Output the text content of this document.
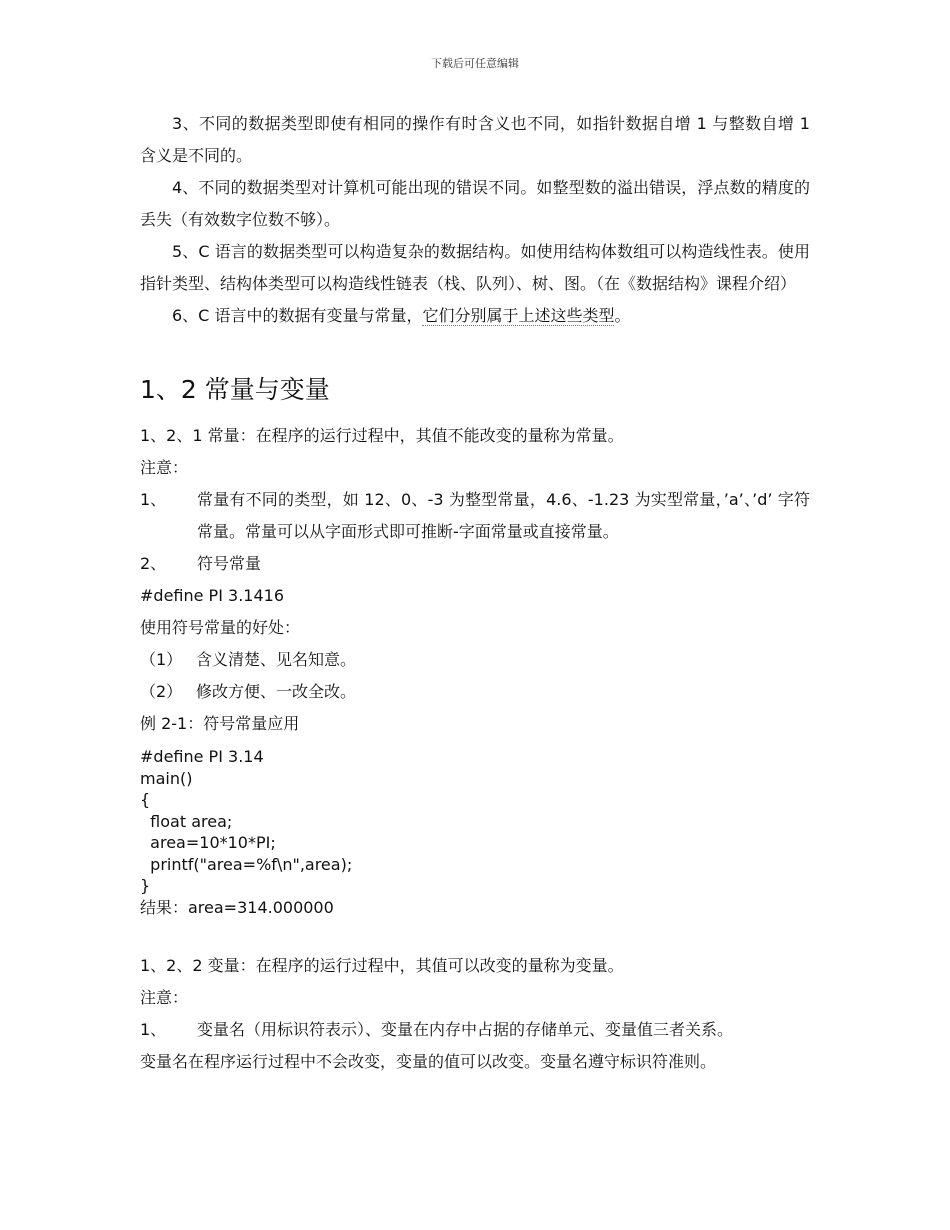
下载后可任意编辑

3、不同的数据类型即使有相同的操作有时含义也不同，如指针数据自增 1 与整数自增 1 含义是不同的。

4、不同的数据类型对计算机可能出现的错误不同。如整型数的溢出错误，浮点数的精度的丢失（有效数字位数不够）。

5、C 语言的数据类型可以构造复杂的数据结构。如使用结构体数组可以构造线性表。使用指针类型、结构体类型可以构造线性链表（栈、队列）、树、图。（在《数据结构》课程介绍）

6、C 语言中的数据有变量与常量，它们分别属于上述这些类型。

1、2 常量与变量

1、2、1 常量：在程序的运行过程中，其值不能改变的量称为常量。

注意：

1、 常量有不同的类型，如 12、0、-3 为整型常量，4.6、-1.23 为实型常量，’a’、’d’ 字符常量。常量可以从字面形式即可推断-字面常量或直接常量。
2、 符号常量

#define PI 3.1416

使用符号常量的好处：

（1） 含义清楚、见名知意。
（2） 修改方便、一改全改。

例 2-1：符号常量应用

#define PI 3.14
main()
{
float area;
area=10*10*PI;
printf("area=%f\n",area);
}
结果：area=314.000000

1、2、2 变量：在程序的运行过程中，其值可以改变的量称为变量。

注意：

1、 变量名（用标识符表示）、变量在内存中占据的存储单元、变量值三者关系。

变量名在程序运行过程中不会改变，变量的值可以改变。变量名遵守标识符准则。
